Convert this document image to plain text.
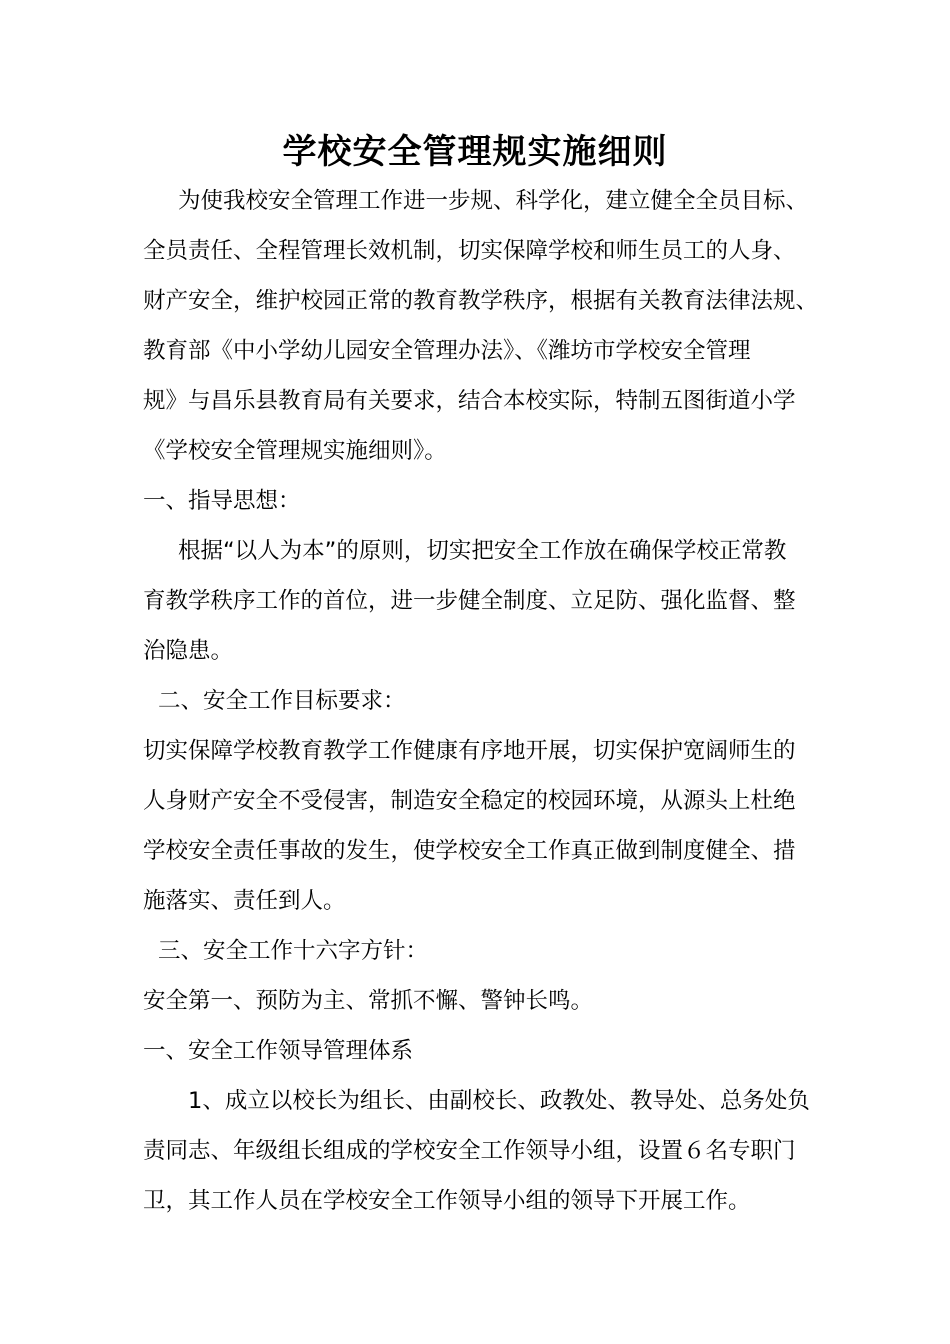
学校安全管理规实施细则
为使我校安全管理工作进一步规、科学化，建立健全全员目标、
全员责任、全程管理长效机制，切实保障学校和师生员工的人身、
财产安全，维护校园正常的教育教学秩序，根据有关教育法律法规、
教育部《中小学幼儿园安全管理办法》、《潍坊市学校安全管理
规》与昌乐县教育局有关要求，结合本校实际，特制五图街道小学
《学校安全管理规实施细则》。
一、指导思想：
根据“以人为本”的原则，切实把安全工作放在确保学校正常教
育教学秩序工作的首位，进一步健全制度、立足防、强化监督、整
治隐患。
二、安全工作目标要求：
切实保障学校教育教学工作健康有序地开展，切实保护宽阔师生的
人身财产安全不受侵害，制造安全稳定的校园环境，从源头上杜绝
学校安全责任事故的发生，使学校安全工作真正做到制度健全、措
施落实、责任到人。
三、安全工作十六字方针：
安全第一、预防为主、常抓不懈、警钟长鸣。
一、安全工作领导管理体系
1、成立以校长为组长、由副校长、政教处、教导处、总务处负
责同志、年级组长组成的学校安全工作领导小组，设置６名专职门
卫，其工作人员在学校安全工作领导小组的领导下开展工作。
